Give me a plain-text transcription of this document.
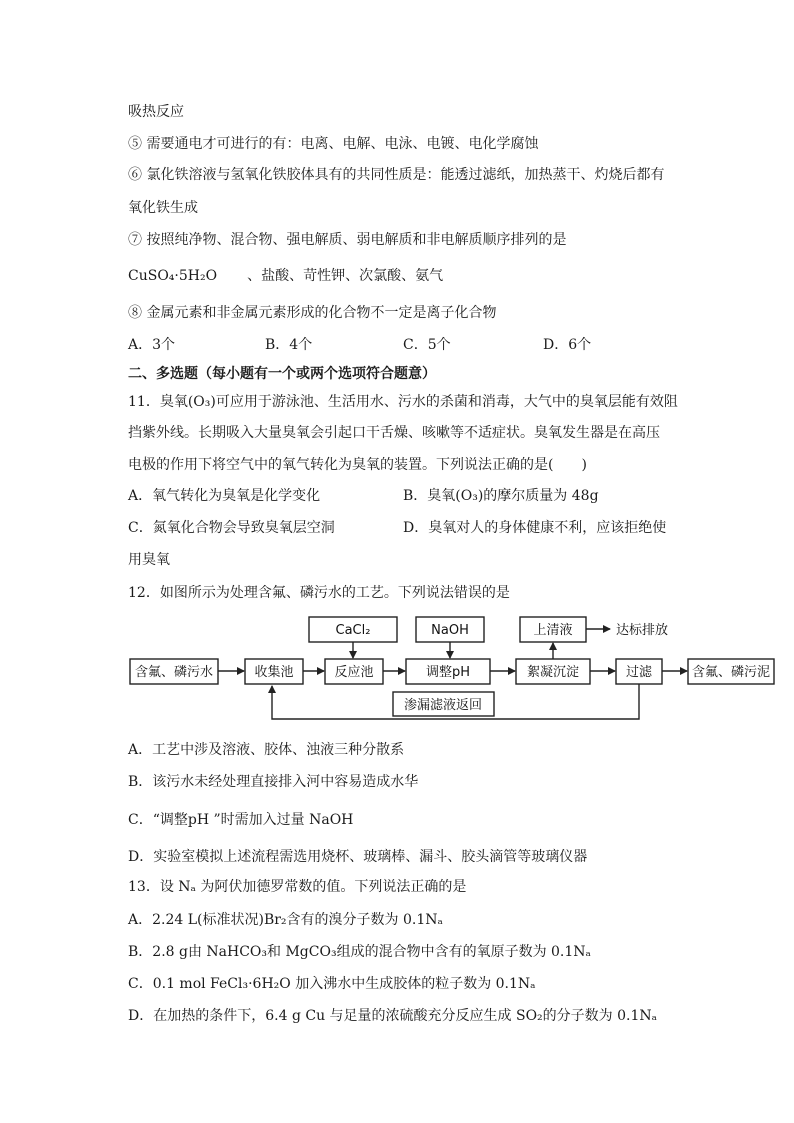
吸热反应
⑤ 需要通电才可进行的有：电离、电解、电泳、电镀、电化学腐蚀
⑥ 氯化铁溶液与氢氧化铁胶体具有的共同性质是：能透过滤纸，加热蒸干、灼烧后都有
氧化铁生成
⑦ 按照纯净物、混合物、强电解质、弱电解质和非电解质顺序排列的是
CuSO₄·5H₂O 、盐酸、苛性钾、次氯酸、氨气
⑧ 金属元素和非金属元素形成的化合物不一定是离子化合物
A．3个	B．4个	C．5个	D．6个
二、多选题（每小题有一个或两个选项符合题意）
11．臭氧(O₃)可应用于游泳池、生活用水、污水的杀菌和消毒，大气中的臭氧层能有效阻
挡紫外线。长期吸入大量臭氧会引起口干舌燥、咳嗽等不适症状。臭氧发生器是在高压
电极的作用下将空气中的氧气转化为臭氧的装置。下列说法正确的是(　　)
A．氧气转化为臭氧是化学变化	B．臭氧(O₃)的摩尔质量为 48g
C．氮氧化合物会导致臭氧层空洞	D．臭氧对人的身体健康不利，应该拒绝使
用臭氧
12．如图所示为处理含氟、磷污水的工艺。下列说法错误的是
CaCl₂	NaOH	上清液
含氟、磷污水	收集池	反应池	调整pH	絮凝沉淀	过滤	含氟、磷污泥
渗漏滤液返回
达标排放
A．工艺中涉及溶液、胶体、浊液三种分散系
B．该污水未经处理直接排入河中容易造成水华
C．“调整pH ”时需加入过量 NaOH
D．实验室模拟上述流程需选用烧杯、玻璃棒、漏斗、胶头滴管等玻璃仪器
13．设 Nₐ 为阿伏加德罗常数的值。下列说法正确的是
A．2.24 L(标准状况)Br₂含有的溴分子数为 0.1Nₐ
B．2.8 g由 NaHCO₃和 MgCO₃组成的混合物中含有的氧原子数为 0.1Nₐ
C．0.1 mol FeCl₃·6H₂O 加入沸水中生成胶体的粒子数为 0.1Nₐ
D．在加热的条件下，6.4 g Cu 与足量的浓硫酸充分反应生成 SO₂的分子数为 0.1Nₐ
